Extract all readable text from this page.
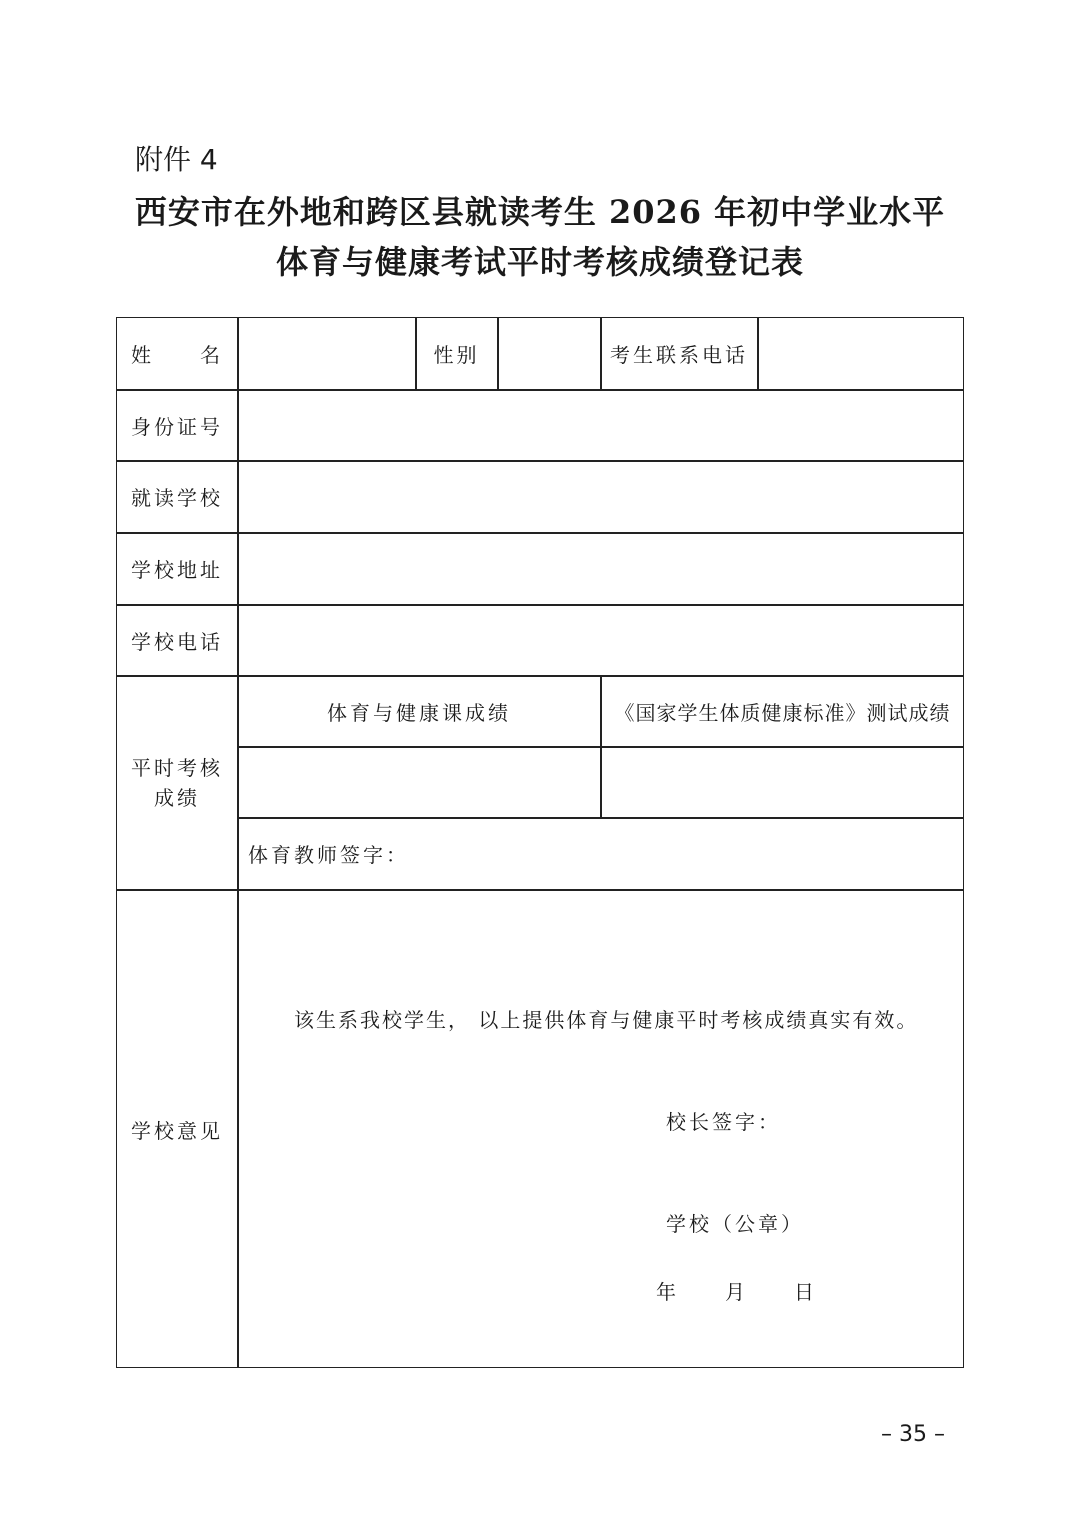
附件 4
西安市在外地和跨区县就读考生 2026 年初中学业水平
体育与健康考试平时考核成绩登记表
姓　　名	性别	考生联系电话
身份证号
就读学校
学校地址
学校电话
平时考核
成绩
体育与健康课成绩	《国家学生体质健康标准》测试成绩
体育教师签字：
学校意见
该生系我校学生， 以上提供体育与健康平时考核成绩真实有效。
校长签字：
学校（公章）
年　　月　　日
– 35 –
